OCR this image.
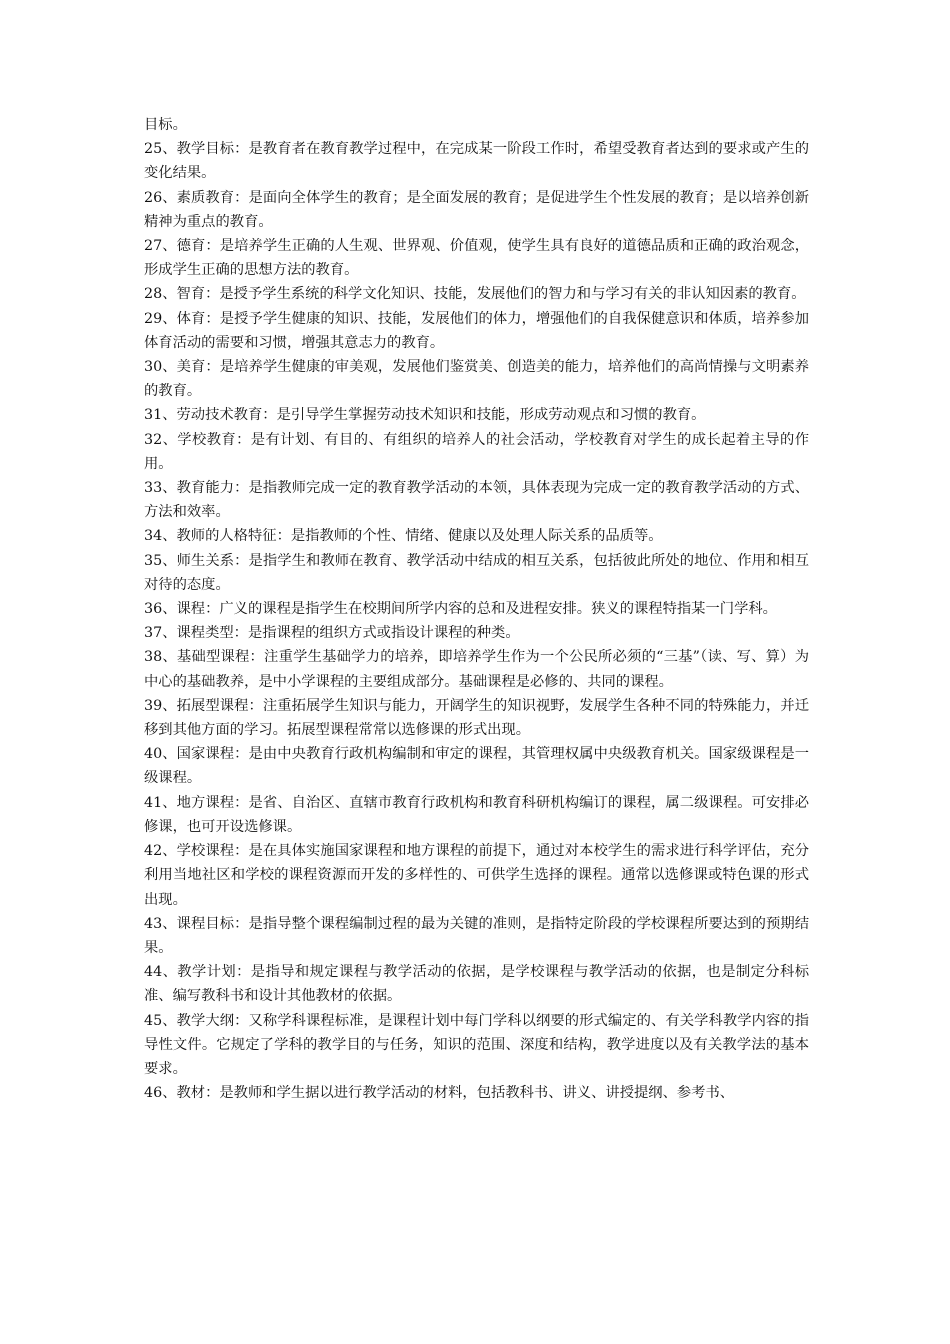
目标。

25、教学目标：是教育者在教育教学过程中，在完成某一阶段工作时，希望受教育者达到的要求或产生的变化结果。

26、素质教育：是面向全体学生的教育；是全面发展的教育；是促进学生个性发展的教育；是以培养创新精神为重点的教育。

27、德育：是培养学生正确的人生观、世界观、价值观，使学生具有良好的道德品质和正确的政治观念，形成学生正确的思想方法的教育。

28、智育：是授予学生系统的科学文化知识、技能，发展他们的智力和与学习有关的非认知因素的教育。

29、体育：是授予学生健康的知识、技能，发展他们的体力，增强他们的自我保健意识和体质，培养参加体育活动的需要和习惯，增强其意志力的教育。

30、美育：是培养学生健康的审美观，发展他们鉴赏美、创造美的能力，培养他们的高尚情操与文明素养的教育。

31、劳动技术教育：是引导学生掌握劳动技术知识和技能，形成劳动观点和习惯的教育。

32、学校教育：是有计划、有目的、有组织的培养人的社会活动，学校教育对学生的成长起着主导的作用。

33、教育能力：是指教师完成一定的教育教学活动的本领，具体表现为完成一定的教育教学活动的方式、方法和效率。

34、教师的人格特征：是指教师的个性、情绪、健康以及处理人际关系的品质等。

35、师生关系：是指学生和教师在教育、教学活动中结成的相互关系，包括彼此所处的地位、作用和相互对待的态度。

36、课程：广义的课程是指学生在校期间所学内容的总和及进程安排。狭义的课程特指某一门学科。

37、课程类型：是指课程的组织方式或指设计课程的种类。

38、基础型课程：注重学生基础学力的培养，即培养学生作为一个公民所必须的“三基”（读、写、算）为中心的基础教养，是中小学课程的主要组成部分。基础课程是必修的、共同的课程。

39、拓展型课程：注重拓展学生知识与能力，开阔学生的知识视野，发展学生各种不同的特殊能力，并迁移到其他方面的学习。拓展型课程常常以选修课的形式出现。

40、国家课程：是由中央教育行政机构编制和审定的课程，其管理权属中央级教育机关。国家级课程是一级课程。

41、地方课程：是省、自治区、直辖市教育行政机构和教育科研机构编订的课程，属二级课程。可安排必修课，也可开设选修课。

42、学校课程：是在具体实施国家课程和地方课程的前提下，通过对本校学生的需求进行科学评估，充分利用当地社区和学校的课程资源而开发的多样性的、可供学生选择的课程。通常以选修课或特色课的形式出现。

43、课程目标：是指导整个课程编制过程的最为关键的准则，是指特定阶段的学校课程所要达到的预期结果。

44、教学计划：是指导和规定课程与教学活动的依据，是学校课程与教学活动的依据，也是制定分科标准、编写教科书和设计其他教材的依据。

45、教学大纲：又称学科课程标准，是课程计划中每门学科以纲要的形式编定的、有关学科教学内容的指导性文件。它规定了学科的教学目的与任务，知识的范围、深度和结构，教学进度以及有关教学法的基本要求。

46、教材：是教师和学生据以进行教学活动的材料，包括教科书、讲义、讲授提纲、参考书、
